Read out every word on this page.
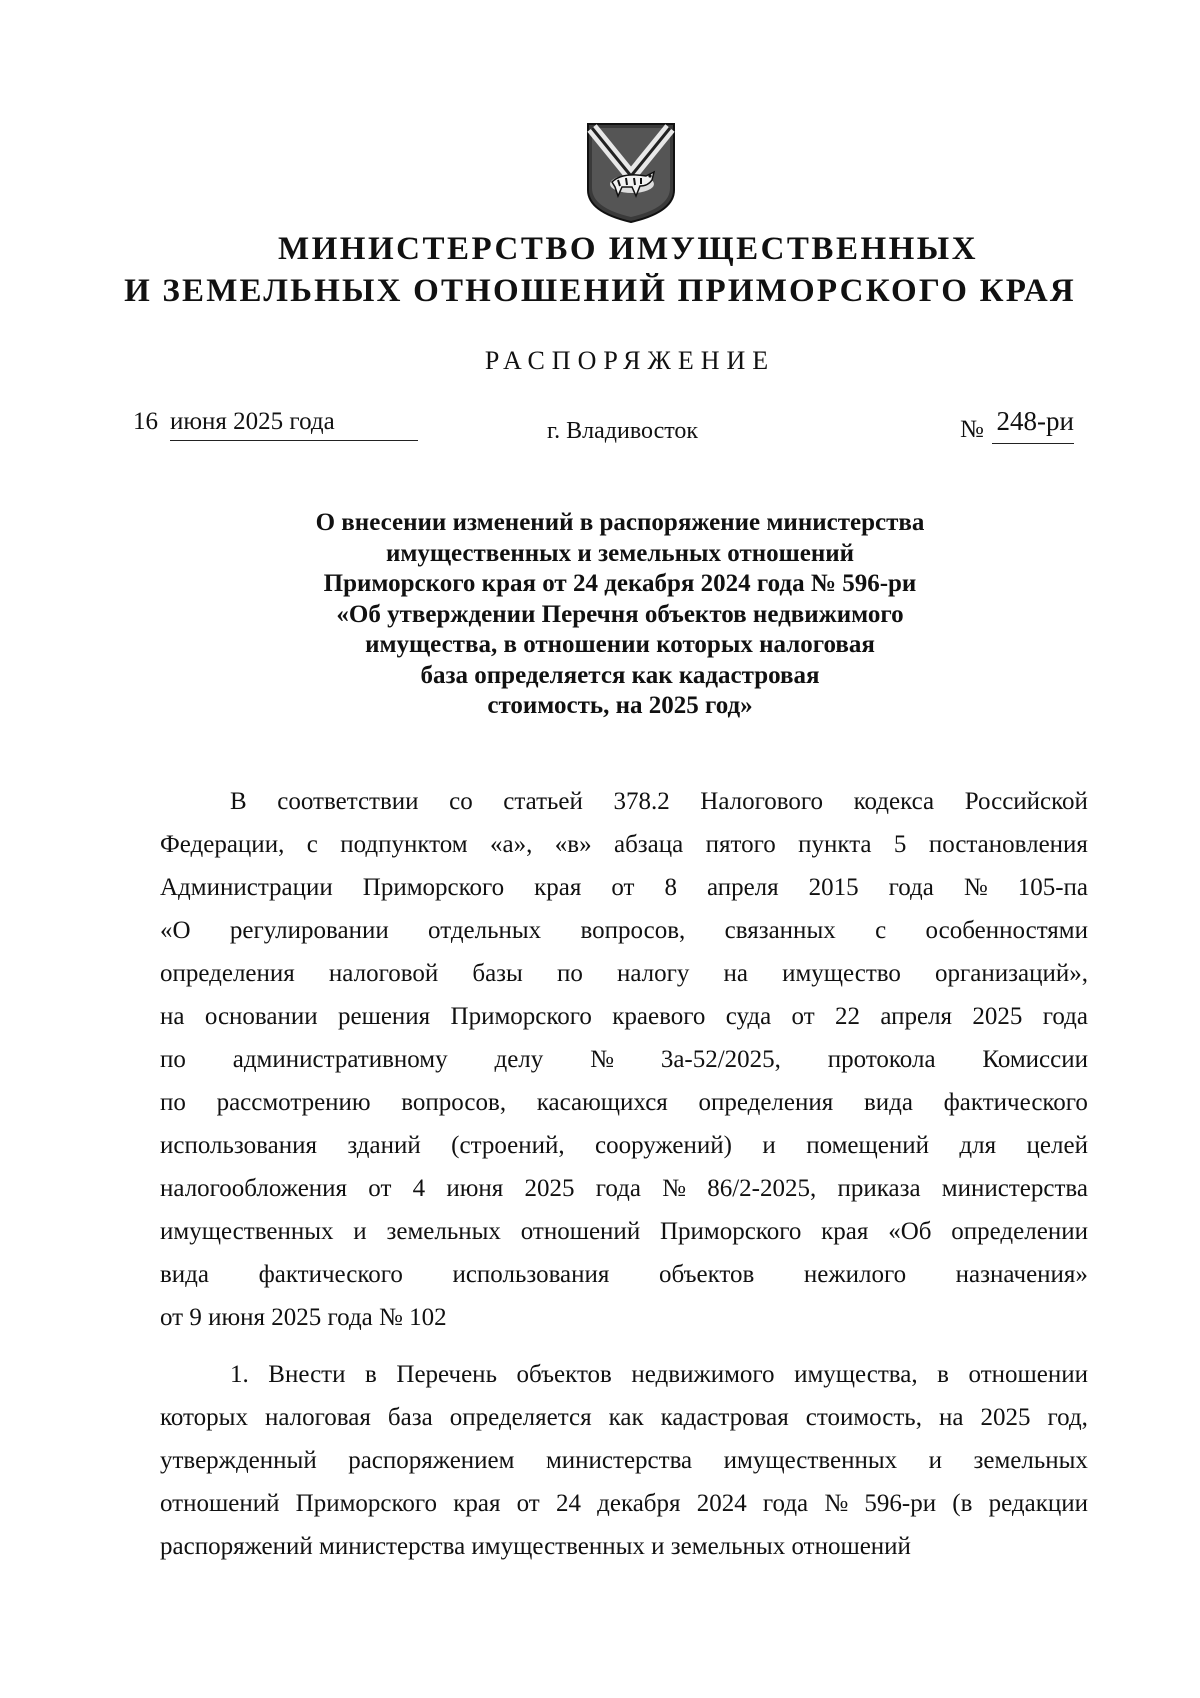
МИНИСТЕРСТВО ИМУЩЕСТВЕННЫХ
И ЗЕМЕЛЬНЫХ ОТНОШЕНИЙ ПРИМОРСКОГО КРАЯ
РАСПОРЯЖЕНИЕ
16 июня 2025 года	г. Владивосток	№ 248-ри
О внесении изменений в распоряжение министерства
имущественных и земельных отношений
Приморского края от 24 декабря 2024 года № 596-ри
«Об утверждении Перечня объектов недвижимого
имущества, в отношении которых налоговая
база определяется как кадастровая
стоимость, на 2025 год»
В соответствии со статьей 378.2 Налогового кодекса Российской
Федерации, с подпунктом «а», «в» абзаца пятого пункта 5 постановления
Администрации Приморского края от 8 апреля 2015 года № 105-па
«О регулировании отдельных вопросов, связанных с особенностями
определения налоговой базы по налогу на имущество организаций»,
на основании решения Приморского краевого суда от 22 апреля 2025 года
по административному делу № 3а-52/2025, протокола Комиссии
по рассмотрению вопросов, касающихся определения вида фактического
использования зданий (строений, сооружений) и помещений для целей
налогообложения от 4 июня 2025 года № 86/2-2025, приказа министерства
имущественных и земельных отношений Приморского края «Об определении
вида фактического использования объектов нежилого назначения»
от 9 июня 2025 года № 102
1. Внести в Перечень объектов недвижимого имущества, в отношении
которых налоговая база определяется как кадастровая стоимость, на 2025 год,
утвержденный распоряжением министерства имущественных и земельных
отношений Приморского края от 24 декабря 2024 года № 596-ри (в редакции
распоряжений министерства имущественных и земельных отношений
